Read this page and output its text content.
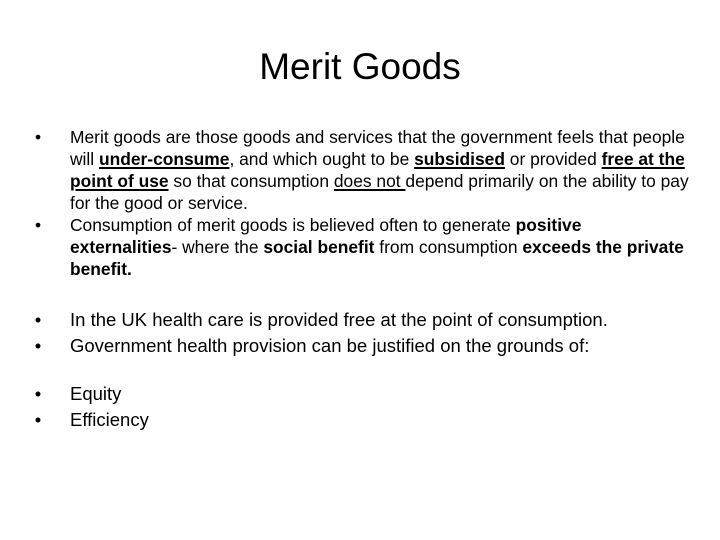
Merit Goods
• Merit goods are those goods and services that the government feels that people will under-consume, and which ought to be subsidised or provided free at the point of use so that consumption does not depend primarily on the ability to pay for the good or service.
• Consumption of merit goods is believed often to generate positive externalities- where the social benefit from consumption exceeds the private benefit.
• In the UK health care is provided free at the point of consumption.
• Government health provision can be justified on the grounds of:
• Equity
• Efficiency
